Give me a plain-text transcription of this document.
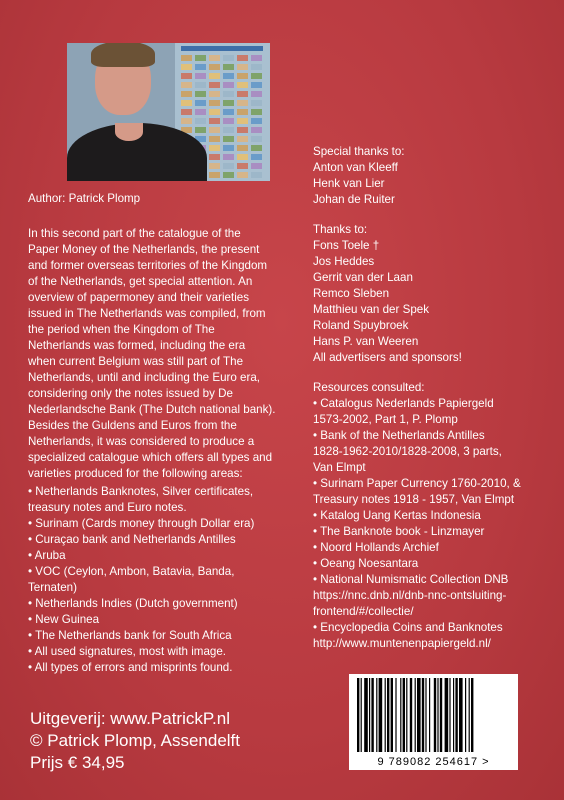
Author: Patrick Plomp
Special thanks to:
Anton van Kleeff
Henk van Lier
Johan de Ruiter
Thanks to:
Fons Toele †
Jos Heddes
Gerrit van der Laan
Remco Sleben
Matthieu van der Spek
Roland Spuybroek
Hans P. van Weeren
All advertisers and sponsors!
Resources consulted:
• Catalogus Nederlands Papiergeld
1573-2002, Part 1, P. Plomp
• Bank of the Netherlands Antilles
1828-1962-2010/1828-2008, 3 parts,
Van Elmpt
• Surinam Paper Currency 1760-2010, &
Treasury notes 1918 - 1957, Van Elmpt
• Katalog Uang Kertas Indonesia
• The Banknote book - Linzmayer
• Noord Hollands Archief
• Oeang Noesantara
• National Numismatic Collection DNB
https://nnc.dnb.nl/dnb-nnc-ontsluiting-
frontend/#/collectie/
• Encyclopedia Coins and Banknotes
http://www.muntenenpapiergeld.nl/
In this second part of the catalogue of the
Paper Money of the Netherlands, the present
and former overseas territories of the Kingdom
of the Netherlands, get special attention. An
overview of papermoney and their varieties
issued in The Netherlands was compiled, from
the period when the Kingdom of The
Netherlands was formed, including the era
when current Belgium was still part of The
Netherlands, until and including the Euro era,
considering only the notes issued by De
Nederlandsche Bank (The Dutch national bank).
Besides the Guldens and Euros from the
Netherlands, it was considered to produce a
specialized catalogue which offers all types and
varieties produced for the following areas:
• Netherlands Banknotes, Silver certificates,
treasury notes and Euro notes.
• Surinam (Cards money through Dollar era)
• Curaçao bank and Netherlands Antilles
• Aruba
• VOC (Ceylon, Ambon, Batavia, Banda,
Ternaten)
• Netherlands Indies (Dutch government)
• New Guinea
• The Netherlands bank for South Africa
• All used signatures, most with image.
• All types of errors and misprints found.
Uitgeverij: www.PatrickP.nl
© Patrick Plomp, Assendelft
Prijs € 34,95	9 789082 254617 >
